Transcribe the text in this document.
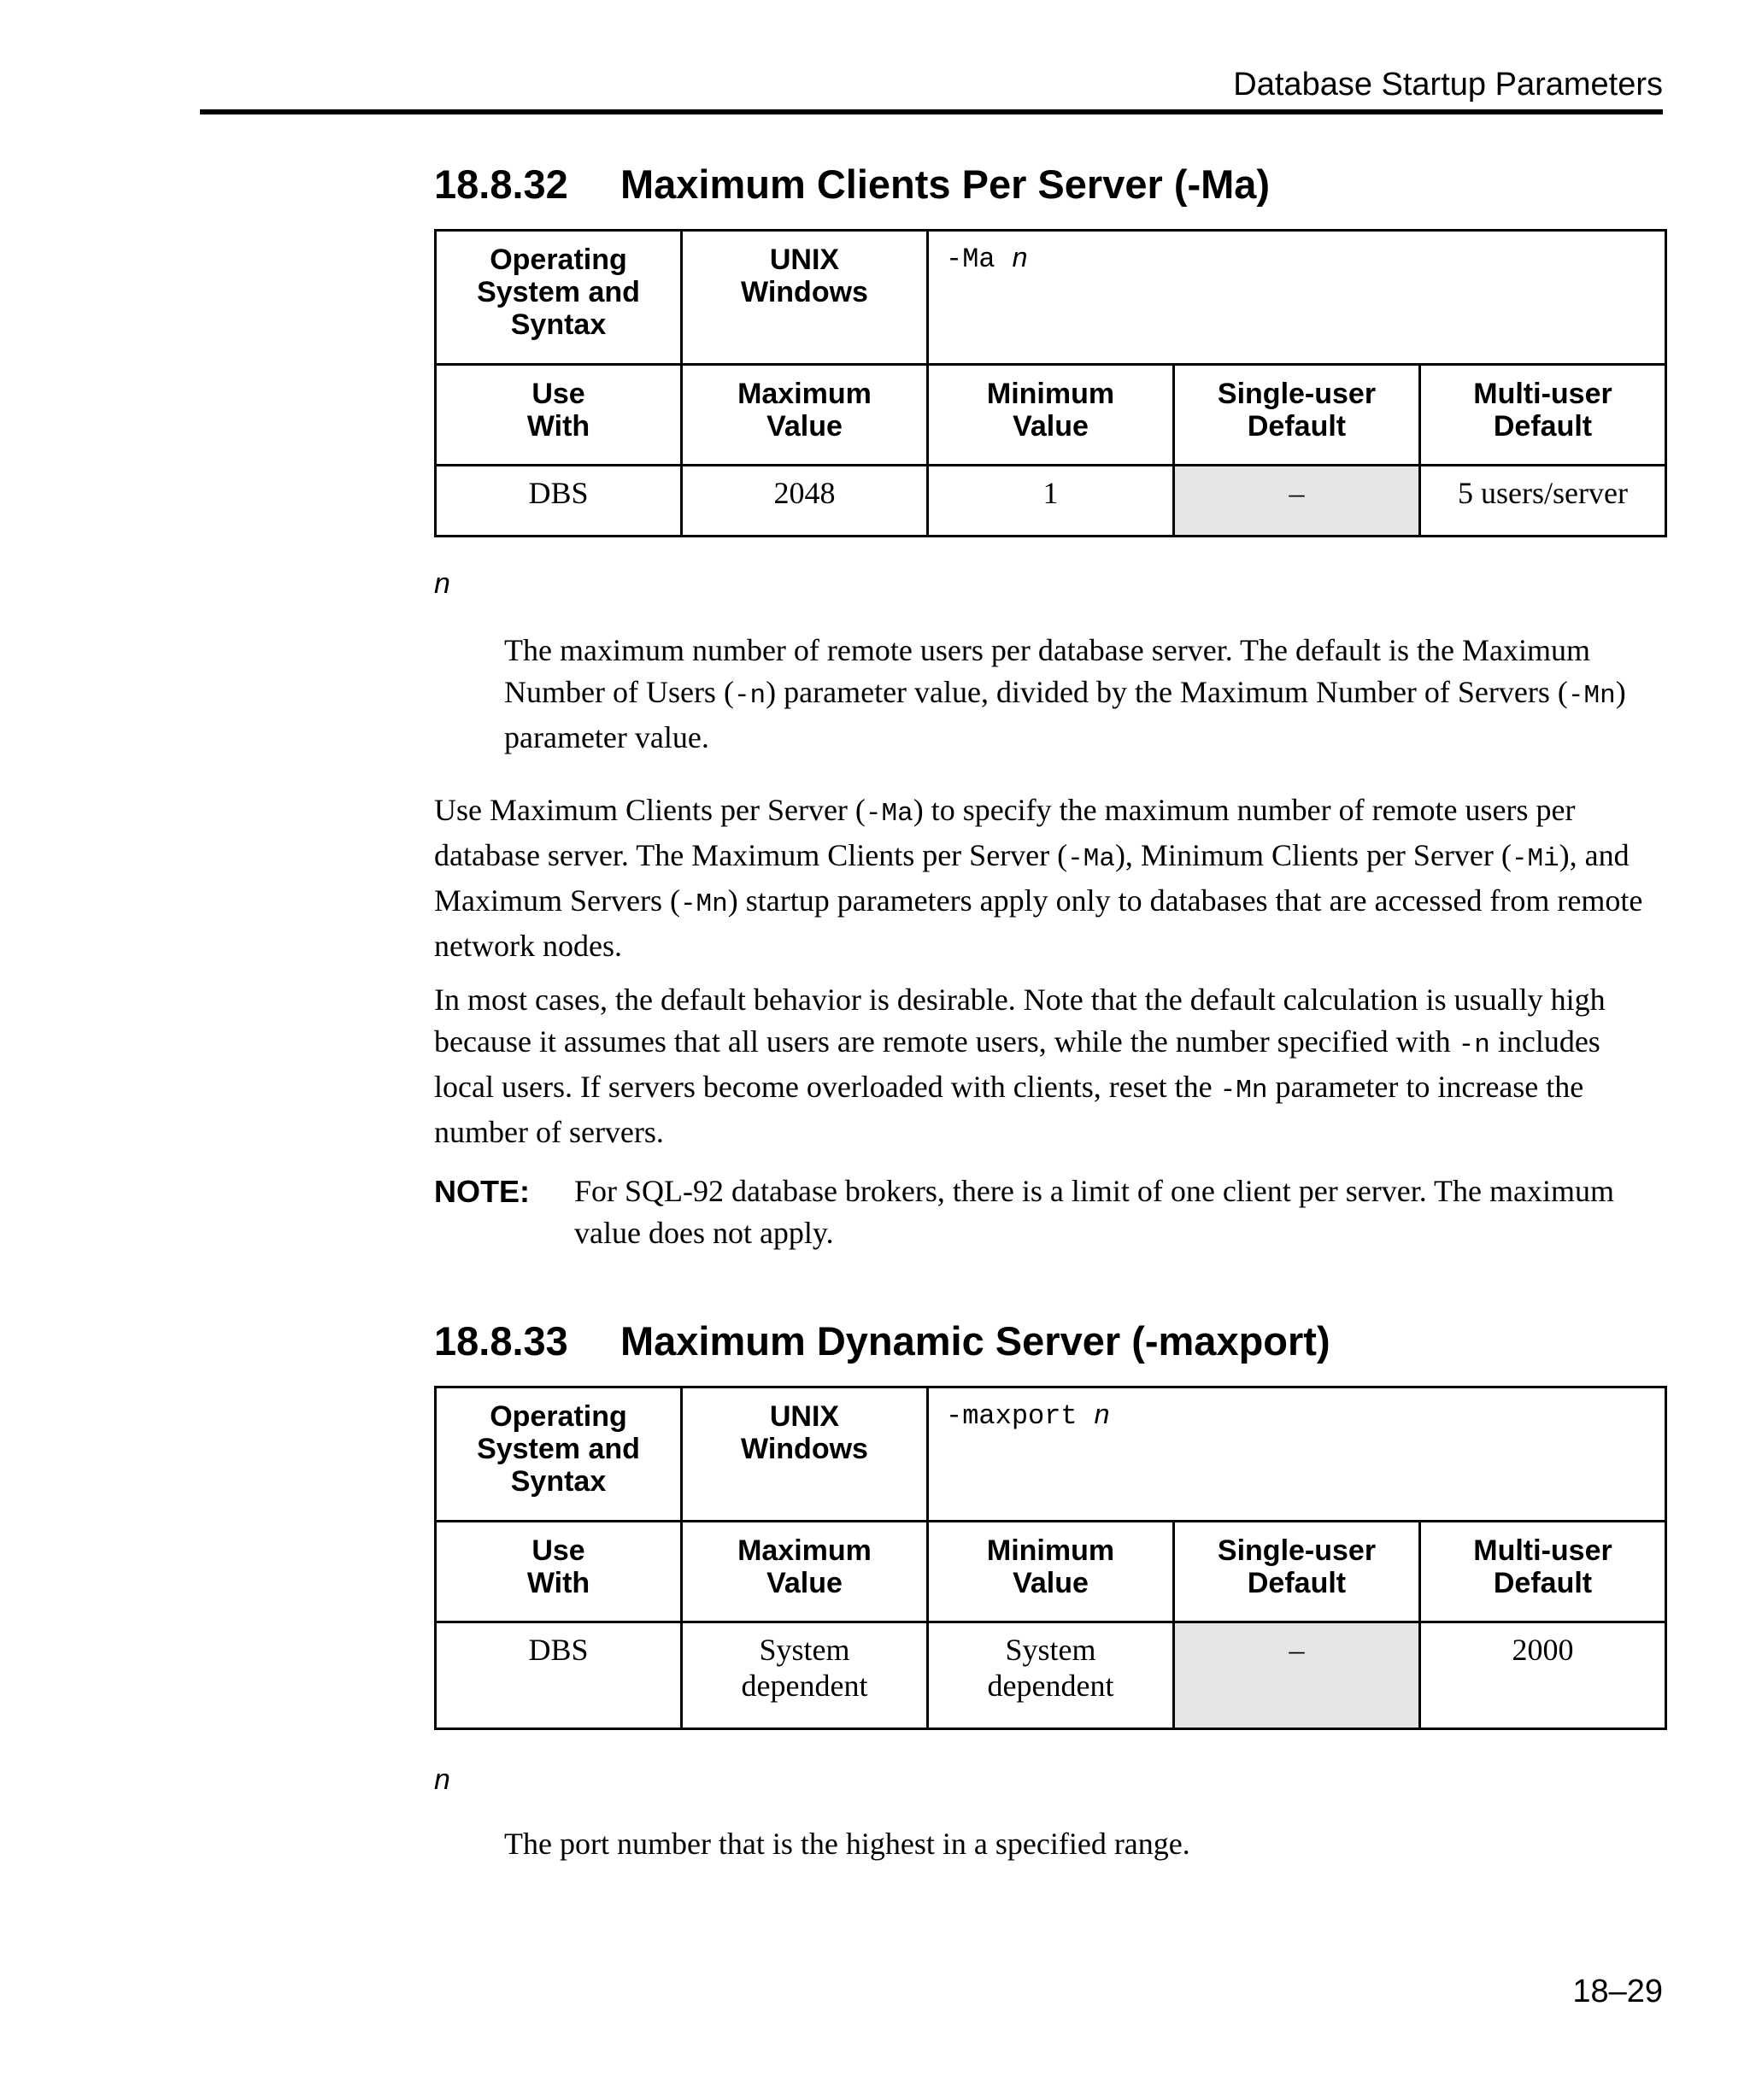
Database Startup Parameters
18.8.32 Maximum Clients Per Server (-Ma)
Operating System and Syntax	UNIX Windows	-Ma n		

Use With	Maximum Value	Minimum Value	Single-user Default	Multi-user Default

DBS	2048	1	–	5 users/server
n

The maximum number of remote users per database server. The default is the Maximum Number of Users (-n) parameter value, divided by the Maximum Number of Servers (-Mn) parameter value.

Use Maximum Clients per Server (-Ma) to specify the maximum number of remote users per database server. The Maximum Clients per Server (-Ma), Minimum Clients per Server (-Mi), and Maximum Servers (-Mn) startup parameters apply only to databases that are accessed from remote network nodes.

In most cases, the default behavior is desirable. Note that the default calculation is usually high because it assumes that all users are remote users, while the number specified with -n includes local users. If servers become overloaded with clients, reset the -Mn parameter to increase the number of servers.

NOTE: For SQL-92 database brokers, there is a limit of one client per server. The maximum value does not apply.

18.8.33 Maximum Dynamic Server (-maxport)
Operating System and Syntax	UNIX Windows	-maxport n		

Use With	Maximum Value	Minimum Value	Single-user Default	Multi-user Default

DBS	System dependent	System dependent	–	2000
n

The port number that is the highest in a specified range.

18–29
